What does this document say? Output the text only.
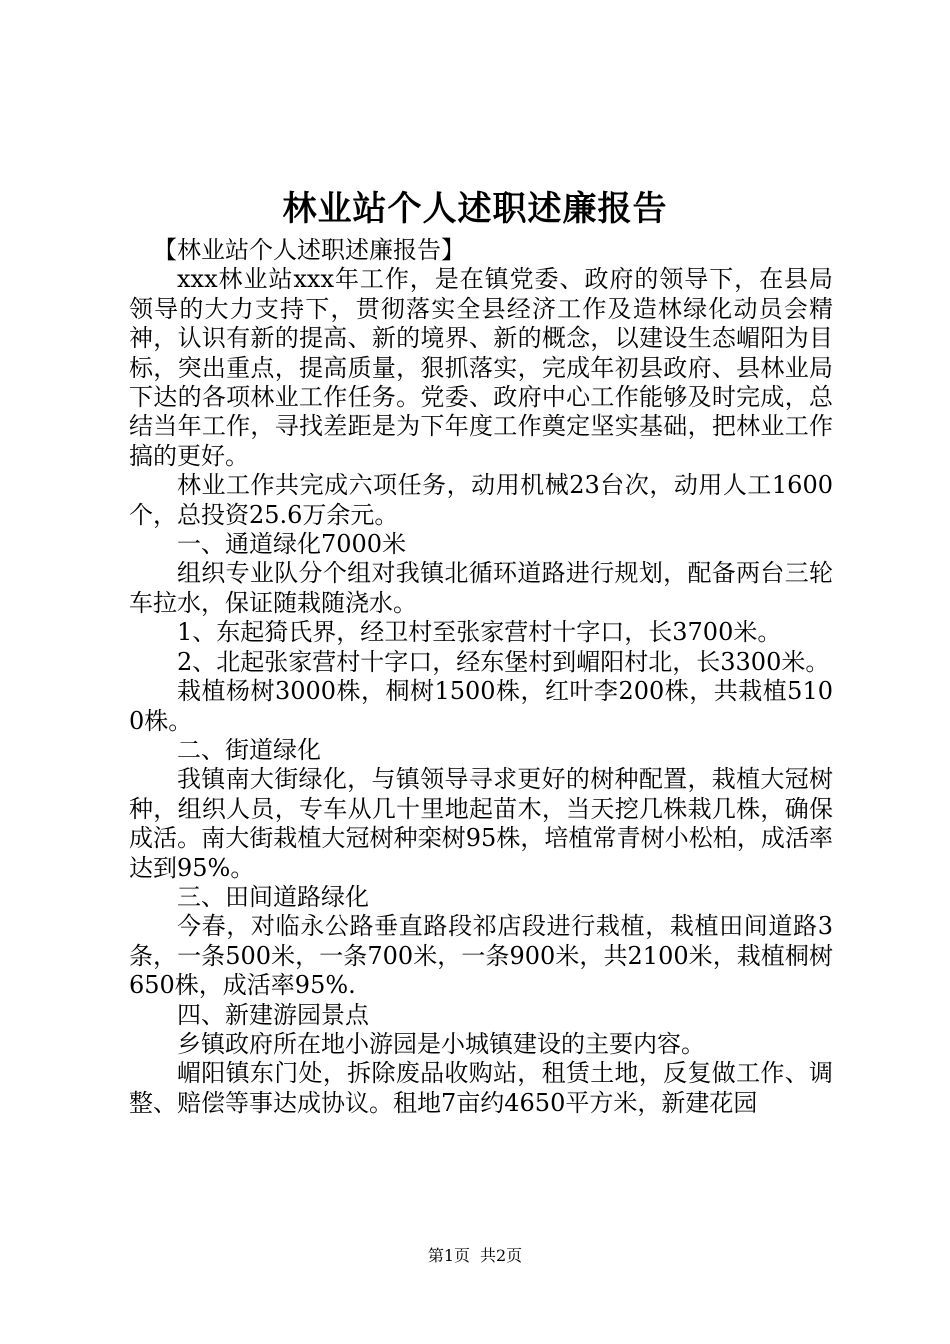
林业站个人述职述廉报告

【林业站个人述职述廉报告】

xxx林业站xxx年工作，是在镇党委、政府的领导下，在县局领导的大力支持下，贯彻落实全县经济工作及造林绿化动员会精神，认识有新的提高、新的境界、新的概念，以建设生态嵋阳为目标，突出重点，提高质量，狠抓落实，完成年初县政府、县林业局下达的各项林业工作任务。党委、政府中心工作能够及时完成，总结当年工作，寻找差距是为下年度工作奠定坚实基础，把林业工作搞的更好。

林业工作共完成六项任务，动用机械23台次，动用人工1600个，总投资25.6万余元。

一、通道绿化7000米

组织专业队分个组对我镇北循环道路进行规划，配备两台三轮车拉水，保证随栽随浇水。

1、东起猗氏界，经卫村至张家营村十字口，长3700米。

2、北起张家营村十字口，经东堡村到嵋阳村北，长3300米。

栽植杨树3000株，桐树1500株，红叶李200株，共栽植5100株。

二、街道绿化

我镇南大街绿化，与镇领导寻求更好的树种配置，栽植大冠树种，组织人员，专车从几十里地起苗木，当天挖几株栽几株，确保成活。南大街栽植大冠树种栾树95株，培植常青树小松柏，成活率达到95%。

三、田间道路绿化

今春，对临永公路垂直路段祁店段进行栽植，栽植田间道路3条，一条500米，一条700米，一条900米，共2100米，栽植桐树650株，成活率95%.

四、新建游园景点

乡镇政府所在地小游园是小城镇建设的主要内容。

嵋阳镇东门处，拆除废品收购站，租赁土地，反复做工作、调整、赔偿等事达成协议。租地7亩约4650平方米，新建花园

第1页 共2页
